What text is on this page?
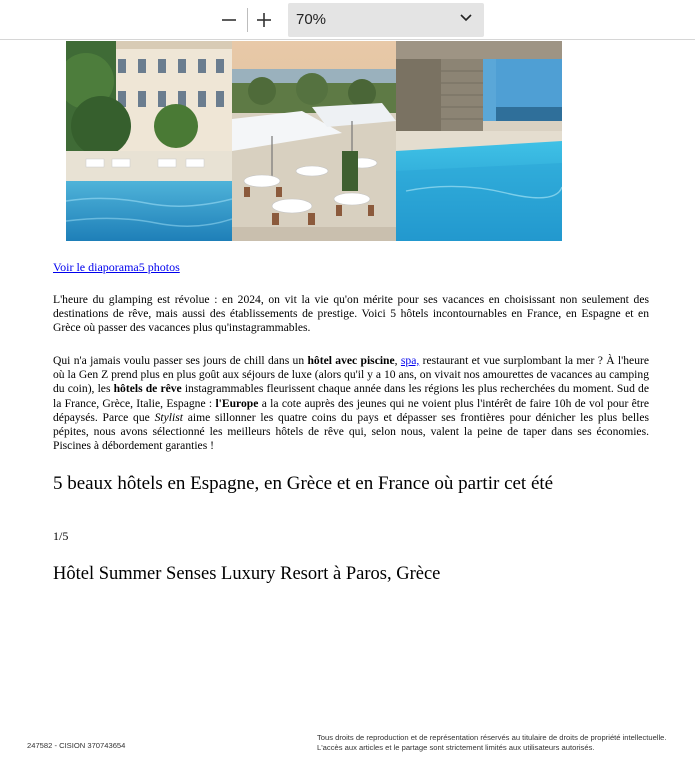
70%
Voir le diaporama5 photos

L'heure du glamping est révolue : en 2024, on vit la vie qu'on mérite pour ses vacances en choisissant non seulement des destinations de rêve, mais aussi des établissements de prestige. Voici 5 hôtels incontournables en France, en Espagne et en Grèce où passer des vacances plus qu'instagrammables.

Qui n'a jamais voulu passer ses jours de chill dans un hôtel avec piscine, spa, restaurant et vue surplombant la mer ? À l'heure où la Gen Z prend plus en plus goût aux séjours de luxe (alors qu'il y a 10 ans, on vivait nos amourettes de vacances au camping du coin), les hôtels de rêve instagrammables fleurissent chaque année dans les régions les plus recherchées du moment. Sud de la France, Grèce, Italie, Espagne : l'Europe a la cote auprès des jeunes qui ne voient plus l'intérêt de faire 10h de vol pour être dépaysés. Parce que Stylist aime sillonner les quatre coins du pays et dépasser ses frontières pour dénicher les plus belles pépites, nous avons sélectionné les meilleurs hôtels de rêve qui, selon nous, valent la peine de taper dans ses économies. Piscines à débordement garanties !

5 beaux hôtels en Espagne, en Grèce et en France où partir cet été
1/5
Hôtel Summer Senses Luxury Resort à Paros, Grèce
247582 - CISION 370743654
Tous droits de reproduction et de représentation réservés au titulaire de droits de propriété intellectuelle.
L'accès aux articles et le partage sont strictement limités aux utilisateurs autorisés.
